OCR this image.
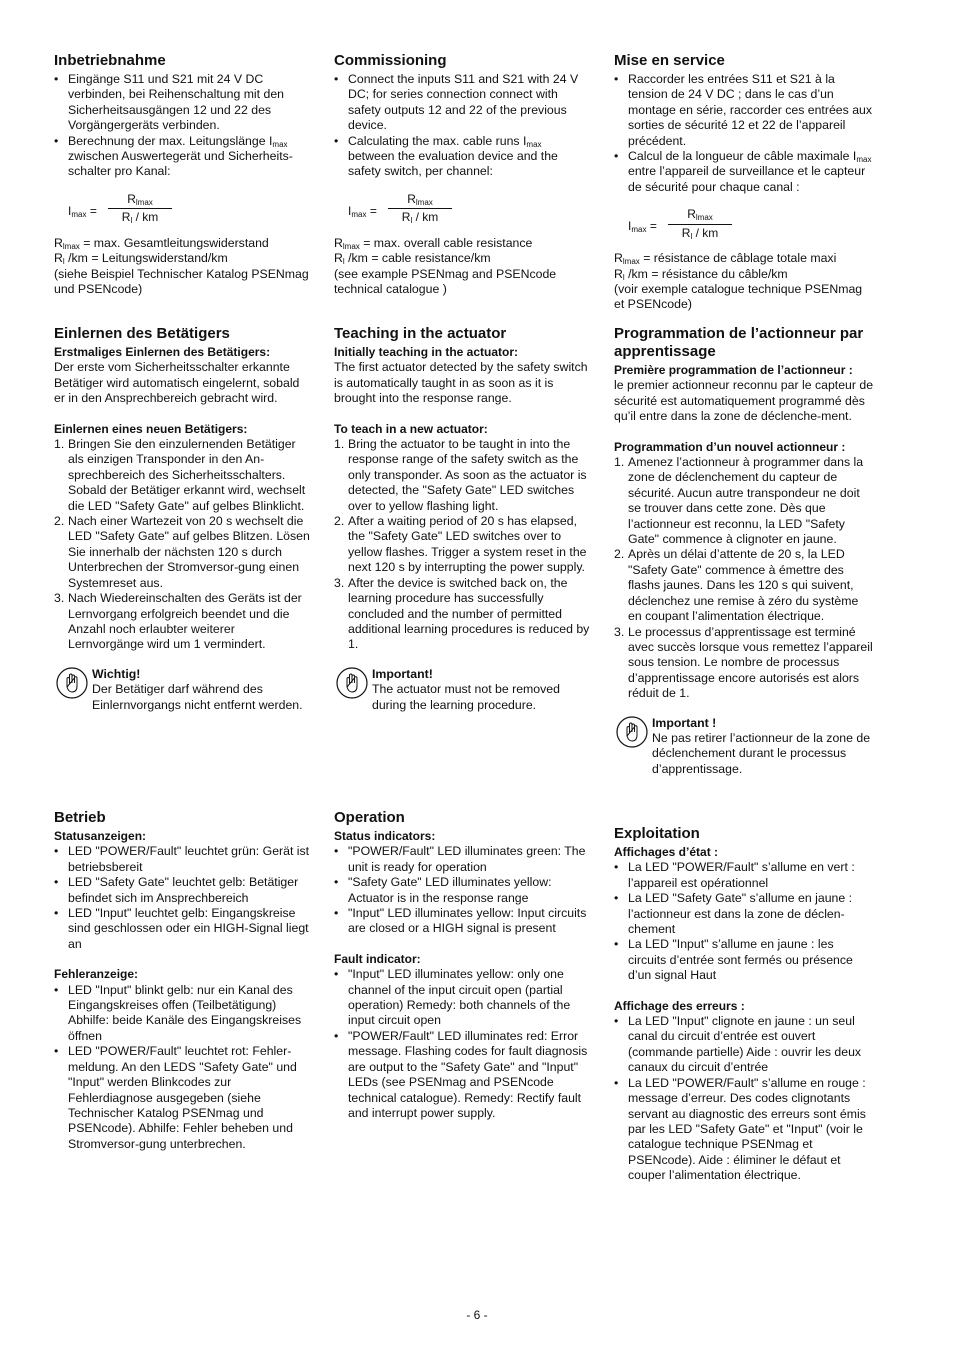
Inbetriebnahme
• Eingänge S11 und S21 mit 24 V DC verbinden, bei Reihenschaltung mit den Sicherheitsausgängen 12 und 22 des Vorgängergeräts verbinden.
• Berechnung der max. Leitungslänge $I_{max}$ zwischen Auswertegerät und Sicherheits-schalter pro Kanal:
$I_{max}$ =
$R_{lmax}$
$R_l$ / km

$R_{lmax} = \max$. Gesamtleitungswiderstand

$R_l$ /km = Leitungswiderstand/km

(siehe Beispiel Technischer Katalog PSENmag und PSENcode)

Einlernen des Betätigers

Erstmaliges Einlernen des Betätigers:

Der erste vom Sicherheitsschalter erkannte Betätiger wird automatisch eingelernt, sobald er in den Ansprechbereich gebracht wird.

Einlernen eines neuen Betätigers:

1. Bringen Sie den einzulernenden Betätiger als einzigen Transponder in den An-sprechbereich des Sicherheitsschalters. Sobald der Betätiger erkannt wird, wechselt die LED "Safety Gate" auf gelbes Blinklicht.
2. Nach einer Wartezeit von 20 s wechselt die LED "Safety Gate" auf gelbes Blitzen. Lösen Sie innerhalb der nächsten 120 s durch Unterbrechen der Stromversor-gung einen Systemreset aus.
3. Nach Wiedereinschalten des Geräts ist der Lernvorgang erfolgreich beendet und die Anzahl noch erlaubter weiterer Lernvorgänge wird um 1 vermindert.
Wichtig!
Der Betätiger darf während des Einlernvorgangs nicht entfernt werden.
Betrieb

Statusanzeigen:

• LED "POWER/Fault" leuchtet grün: Gerät ist betriebsbereit
• LED "Safety Gate" leuchtet gelb: Betätiger befindet sich im Ansprechbereich
• LED "Input" leuchtet gelb: Eingangskreise sind geschlossen oder ein HIGH-Signal liegt an

Fehleranzeige:

• LED "Input" blinkt gelb: nur ein Kanal des Eingangskreises offen (Teilbetätigung) Abhilfe: beide Kanäle des Eingangskreises öffnen
• LED "POWER/Fault" leuchtet rot: Fehler-meldung. An den LEDS "Safety Gate" und "Input" werden Blinkcodes zur Fehlerdiagnose ausgegeben (siehe Technischer Katalog PSENmag und PSENcode). Abhilfe: Fehler beheben und Stromversor-gung unterbrechen.
Commissioning
• Connect the inputs S11 and S21 with 24 V DC; for series connection connect with safety outputs 12 and 22 of the previous device.
• Calculating the max. cable runs $I_{max}$ between the evaluation device and the safety switch, per channel:
$I_{max}$ =
$R_{lmax}$
$R_l$ / km

$R_{lmax} = \max$. overall cable resistance

$R_l$ /km = cable resistance/km

(see example PSENmag and PSENcode technical catalogue )

Teaching in the actuator

Initially teaching in the actuator:

The first actuator detected by the safety switch is automatically taught in as soon as it is brought into the response range.

To teach in a new actuator:

1. Bring the actuator to be taught in into the response range of the safety switch as the only transponder. As soon as the actuator is detected, the "Safety Gate" LED switches over to yellow flashing light.
2. After a waiting period of 20 s has elapsed, the "Safety Gate" LED switches over to yellow flashes. Trigger a system reset in the next 120 s by interrupting the power supply.
3. After the device is switched back on, the learning procedure has successfully concluded and the number of permitted additional learning procedures is reduced by 1.
Important!
The actuator must not be removed during the learning procedure.
Operation

Status indicators:

• "POWER/Fault" LED illuminates green: The unit is ready for operation
• "Safety Gate" LED illuminates yellow: Actuator is in the response range
• "Input" LED illuminates yellow: Input circuits are closed or a HIGH signal is present

Fault indicator:

• "Input" LED illuminates yellow: only one channel of the input circuit open (partial operation) Remedy: both channels of the input circuit open
• "POWER/Fault" LED illuminates red: Error message. Flashing codes for fault diagnosis are output to the "Safety Gate" and "Input" LEDs (see PSENmag and PSENcode technical catalogue). Remedy: Rectify fault and interrupt power supply.
Mise en service
• Raccorder les entrées S11 et S21 à la tension de 24 V DC ; dans le cas d’un montage en série, raccorder ces entrées aux sorties de sécurité 12 et 22 de l’appareil précédent.
• Calcul de la longueur de câble maximale $I_{max}$ entre l’appareil de surveillance et le capteur de sécurité pour chaque canal :
$I_{max}$ =
$R_{lmax}$
$R_l$ / km

$R_{lmax}$ = résistance de câblage totale maxi

$R_l$ /km = résistance du câble/km

(voir exemple catalogue technique PSENmag et PSENcode)

Programmation de l’actionneur par apprentissage

Première programmation de l’actionneur :

le premier actionneur reconnu par le capteur de sécurité est automatiquement programmé dès qu’il entre dans la zone de déclenche-ment.

Programmation d’un nouvel actionneur :

1. Amenez l’actionneur à programmer dans la zone de déclenchement du capteur de sécurité. Aucun autre transpondeur ne doit se trouver dans cette zone. Dès que l’actionneur est reconnu, la LED "Safety Gate" commence à clignoter en jaune.
2. Après un délai d’attente de 20 s, la LED "Safety Gate" commence à émettre des flashs jaunes. Dans les 120 s qui suivent, déclenchez une remise à zéro du système en coupant l’alimentation électrique.
3. Le processus d’apprentissage est terminé avec succès lorsque vous remettez l’appareil sous tension. Le nombre de processus d’apprentissage encore autorisés est alors réduit de 1.
Important !
Ne pas retirer l’actionneur de la zone de déclenchement durant le processus d’apprentissage.
Exploitation

Affichages d’état :

• La LED "POWER/Fault" s’allume en vert : l’appareil est opérationnel
• La LED "Safety Gate" s’allume en jaune : l’actionneur est dans la zone de déclen-chement
• La LED "Input" s’allume en jaune : les circuits d’entrée sont fermés ou présence d’un signal Haut

Affichage des erreurs :

• La LED "Input" clignote en jaune : un seul canal du circuit d’entrée est ouvert (commande partielle) Aide : ouvrir les deux canaux du circuit d’entrée
• La LED "POWER/Fault" s’allume en rouge : message d’erreur. Des codes clignotants servant au diagnostic des erreurs sont émis par les LED "Safety Gate" et "Input" (voir le catalogue technique PSENmag et PSENcode). Aide : éliminer le défaut et couper l’alimentation électrique.
- 6 -
